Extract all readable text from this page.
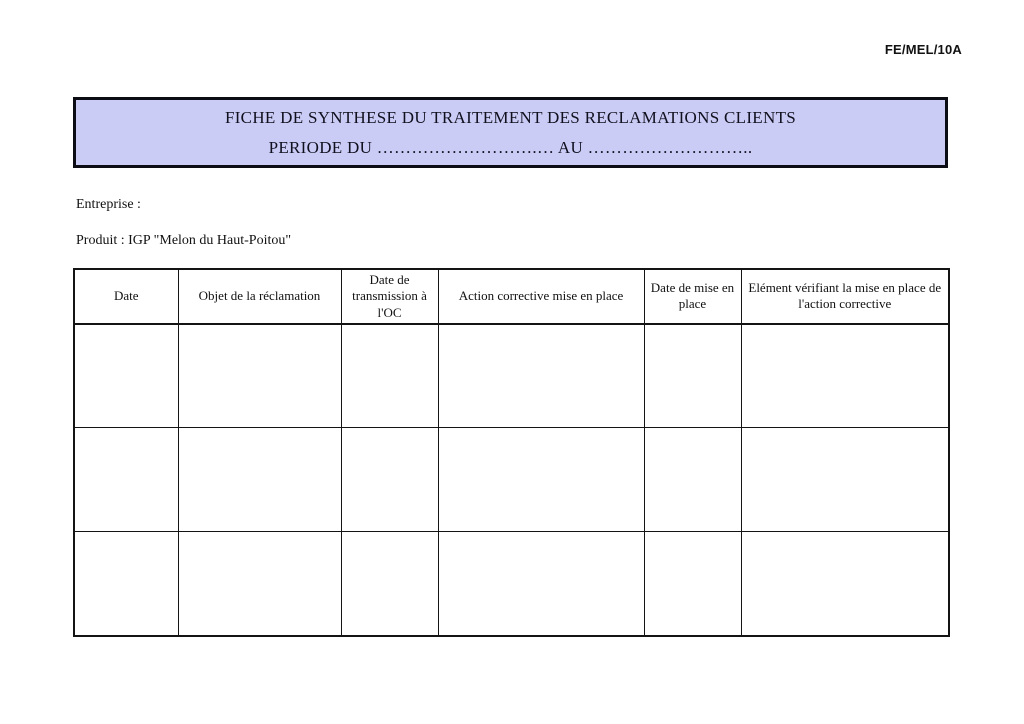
FE/MEL/10A
FICHE DE SYNTHESE DU TRAITEMENT DES RECLAMATIONS CLIENTS
PERIODE DU ……………………….… AU ………………………..
Entreprise :
Produit : IGP "Melon du Haut-Poitou"
Date	Objet de la réclamation	Date de transmission à l'OC	Action corrective mise en place	Date de mise en place	Elément vérifiant la mise en place de l'action corrective
